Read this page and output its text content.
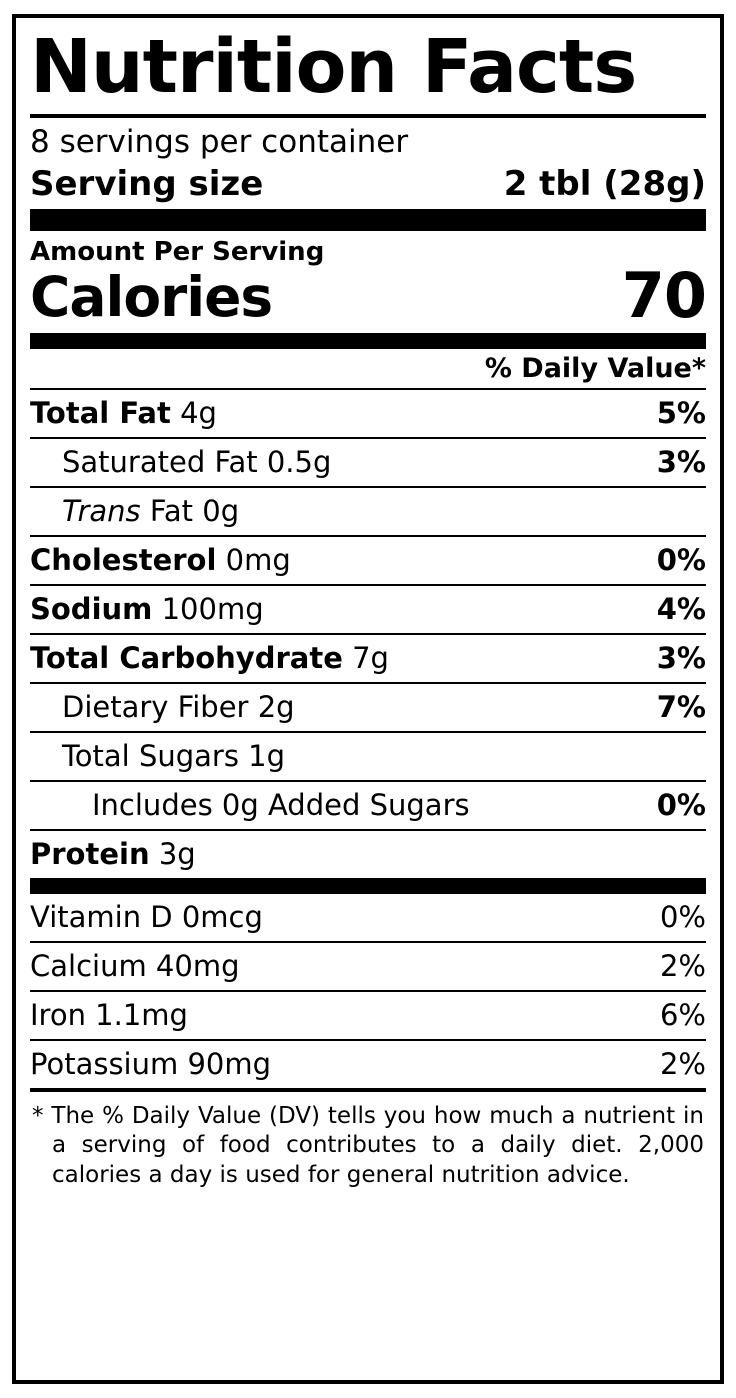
Nutrition Facts
8 servings per container
Serving size	2 tbl (28g)
Amount Per Serving
Calories	70
% Daily Value*
Total Fat 4g	5%
Saturated Fat 0.5g	3%
Trans Fat 0g
Cholesterol 0mg	0%
Sodium 100mg	4%
Total Carbohydrate 7g	3%
Dietary Fiber 2g	7%
Total Sugars 1g
Includes 0g Added Sugars	0%
Protein 3g
Vitamin D 0mcg	0%
Calcium 40mg	2%
Iron 1.1mg	6%
Potassium 90mg	2%

* The % Daily Value (DV) tells you how much a nutrient in a serving of food contributes to a daily diet. 2,000 calories a day is used for general nutrition advice.
